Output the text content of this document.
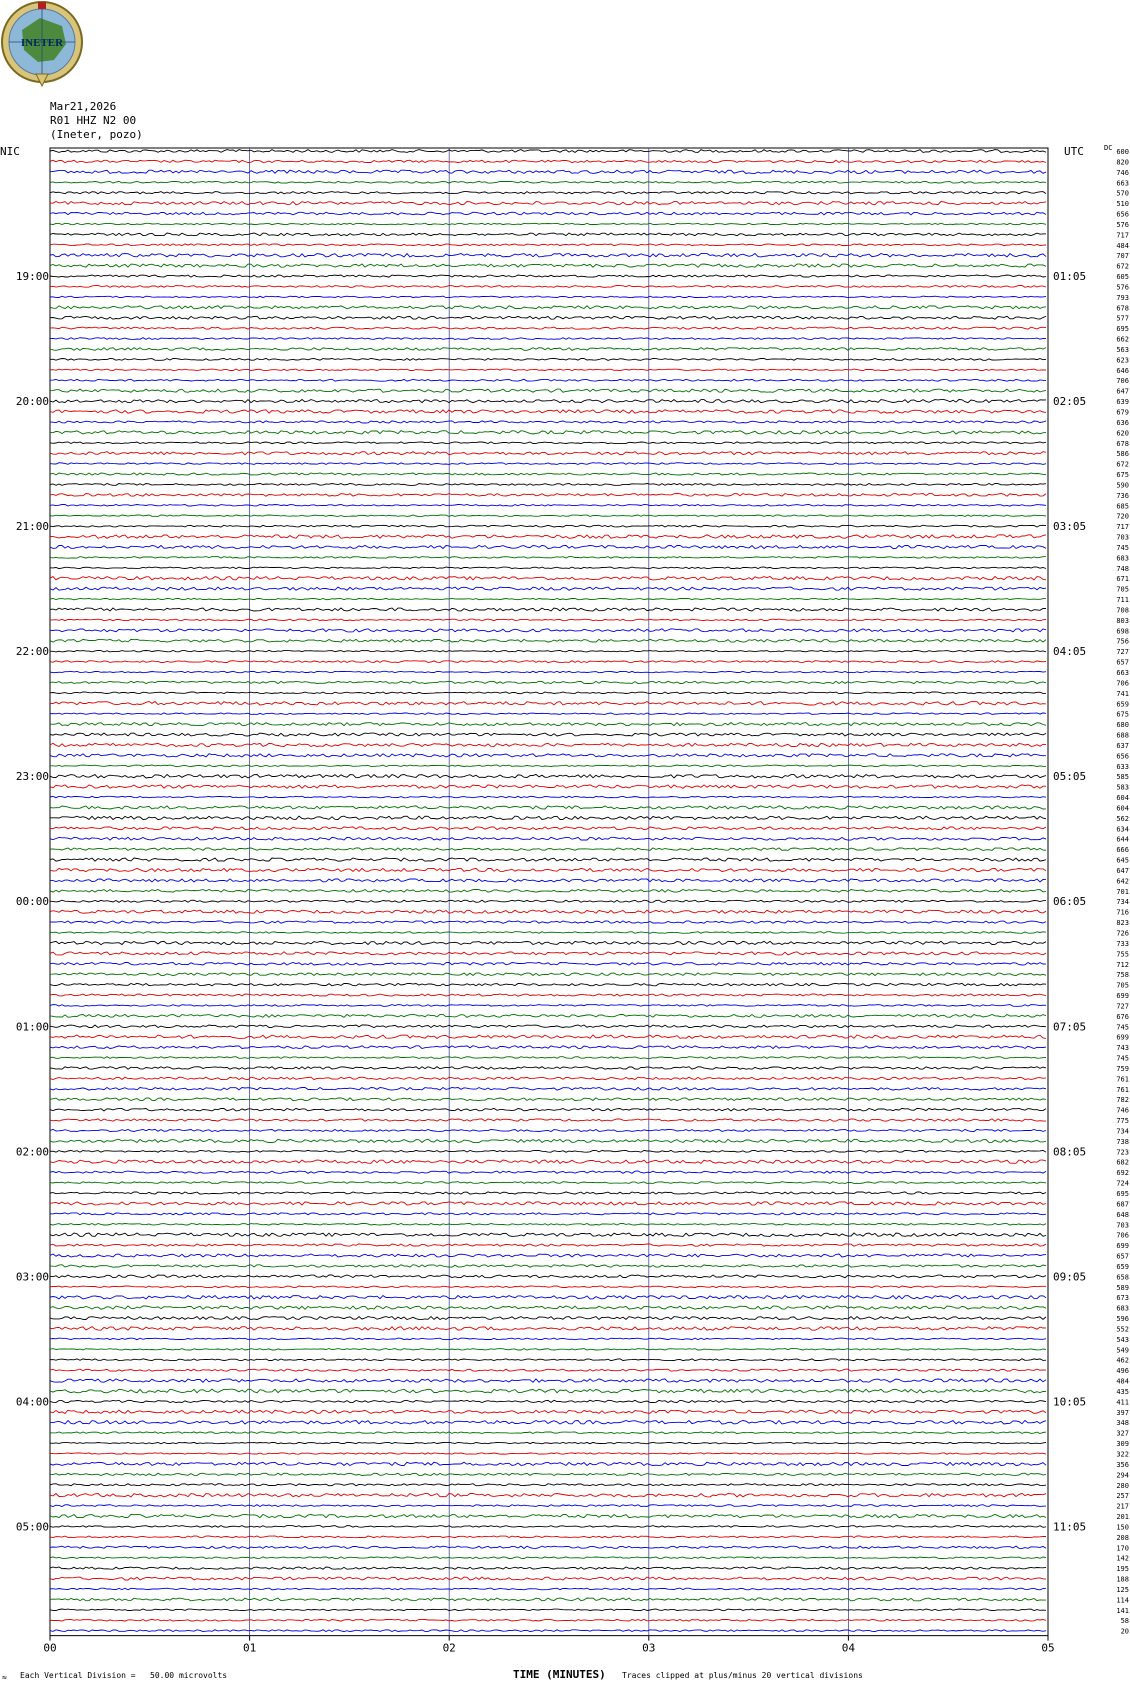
INETER
Mar21,2026
R01 HHZ N2 00
(Ineter, pozo)
00	01	02	03	04	05
600
820
746
663
570
510
656
576
717
484
707
672
605
576
793
678
577
695
662
563
623
646
706
647
639
679
636
620
678
586
672
675
590
736
685
720
717
703
745
683
748
671
705
711
708
803
698
756
727
657
663
706
741
659
675
680
688
637
656
633
585
583
604
604
562
634
644
666
645
647
642
701
734
716
823
726
733
755
712
758
705
699
727
676
745
699
743
745
759
761
761
782
746
775
734
738
723
682
692
724
695
687
648
703
706
699
657
659
658
589
673
683
596
552
543
549
462
496
484
435
411
397
348
327
309
322
356
294
280
257
217
201
150
208
170
142
195
188
125
114
141
58
20
NIC	UTC	DC
19:00
20:00
21:00
22:00
23:00
00:00
01:00
02:00
03:00
04:00
05:00
01:05
02:05
03:05
04:05
05:05
06:05
07:05
08:05
09:05
10:05
11:05
≈ Each Vertical Division =   50.00 microvolts	TIME (MINUTES) Traces clipped at plus/minus 20 vertical divisions
